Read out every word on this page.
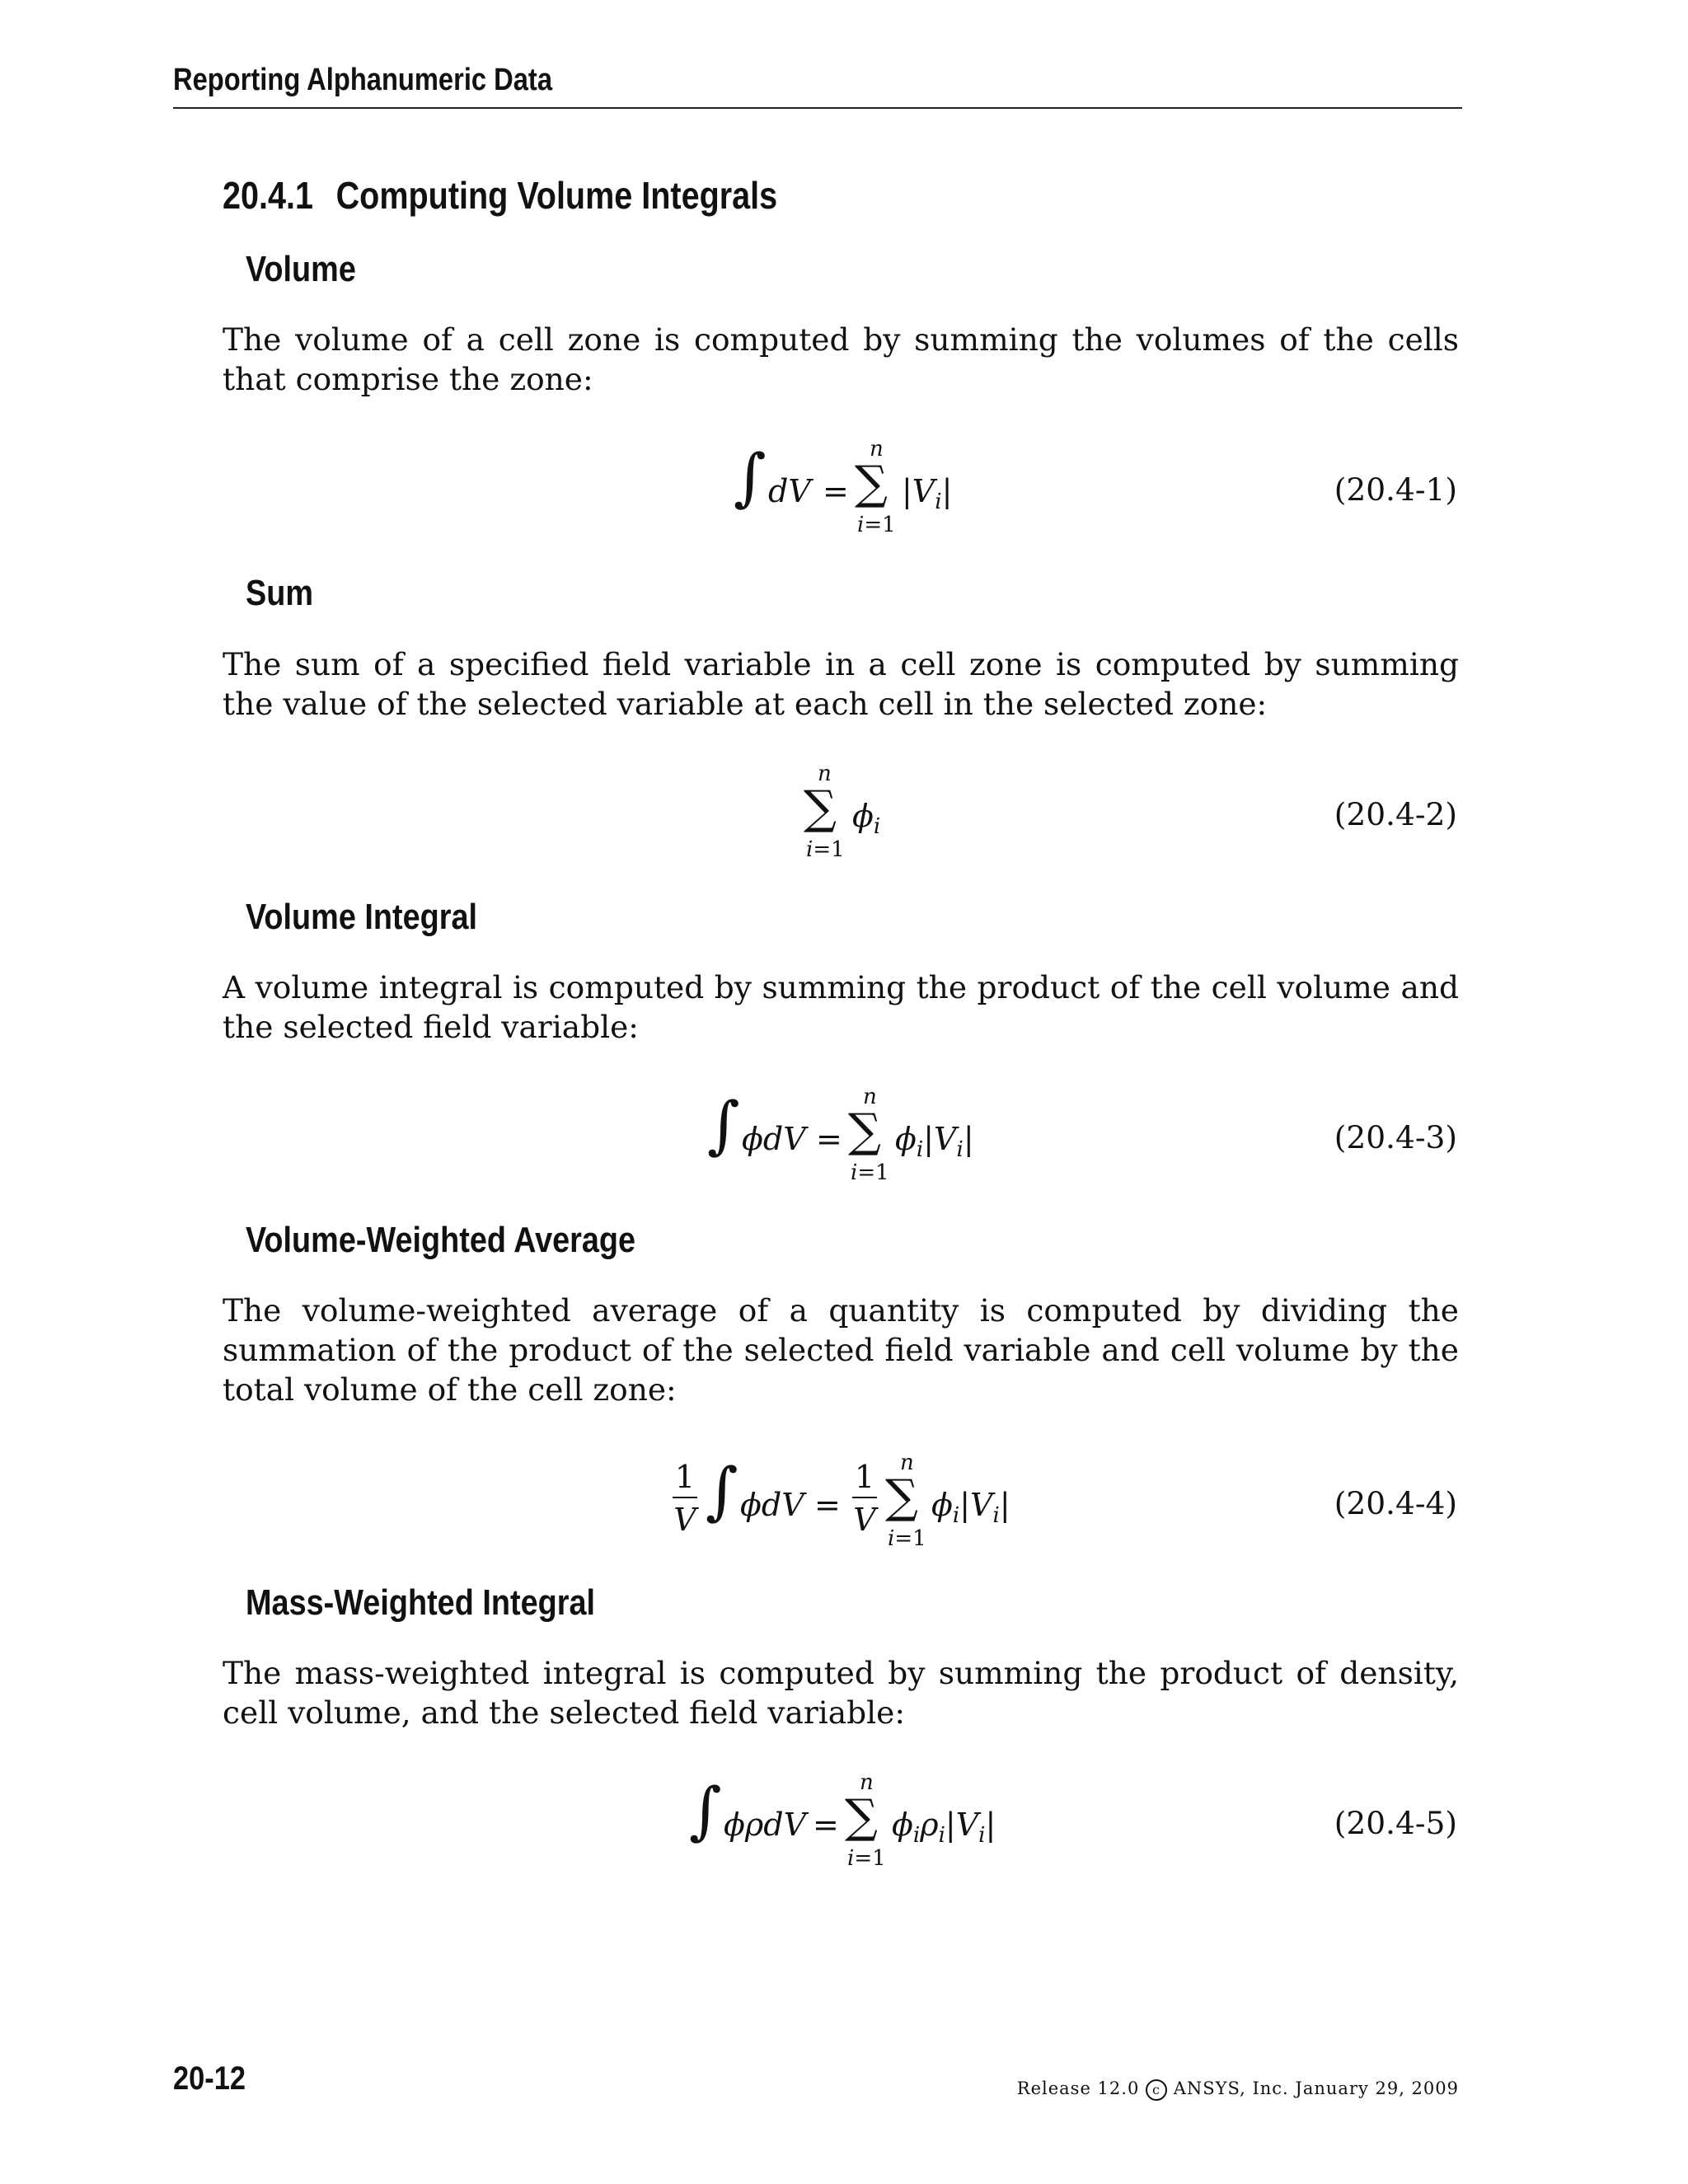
Reporting Alphanumeric Data
20.4.1 Computing Volume Integrals
Volume
The volume of a cell zone is computed by summing the volumes of the cells that comprise the zone:
∫ dV =
n
∑
i=1
$|V_i|$	(20.4-1)
Sum
The sum of a specified field variable in a cell zone is computed by summing the value of the selected variable at each cell in the selected zone:
n
∑
i=1
$\phi_i$	(20.4-2)
Volume Integral
A volume integral is computed by summing the product of the cell volume and the selected field variable:
∫ ϕdV =
n
∑
i=1
$\phi_i|V_i|$	(20.4-3)
Volume-Weighted Average
The volume-weighted average of a quantity is computed by dividing the summation of the product of the selected field variable and cell volume by the total volume of the cell zone:
1
V ∫ ϕdV =
1
V
n
∑
i=1
$\phi_i|V_i|$	(20.4-4)
Mass-Weighted Integral
The mass-weighted integral is computed by summing the product of density, cell volume, and the selected field variable:
∫ ϕρdV =
n
∑
i=1
$\phi_i\rho_i|V_i|$	(20.4-5)
20-12	Release 12.0 c ANSYS, Inc. January 29, 2009
